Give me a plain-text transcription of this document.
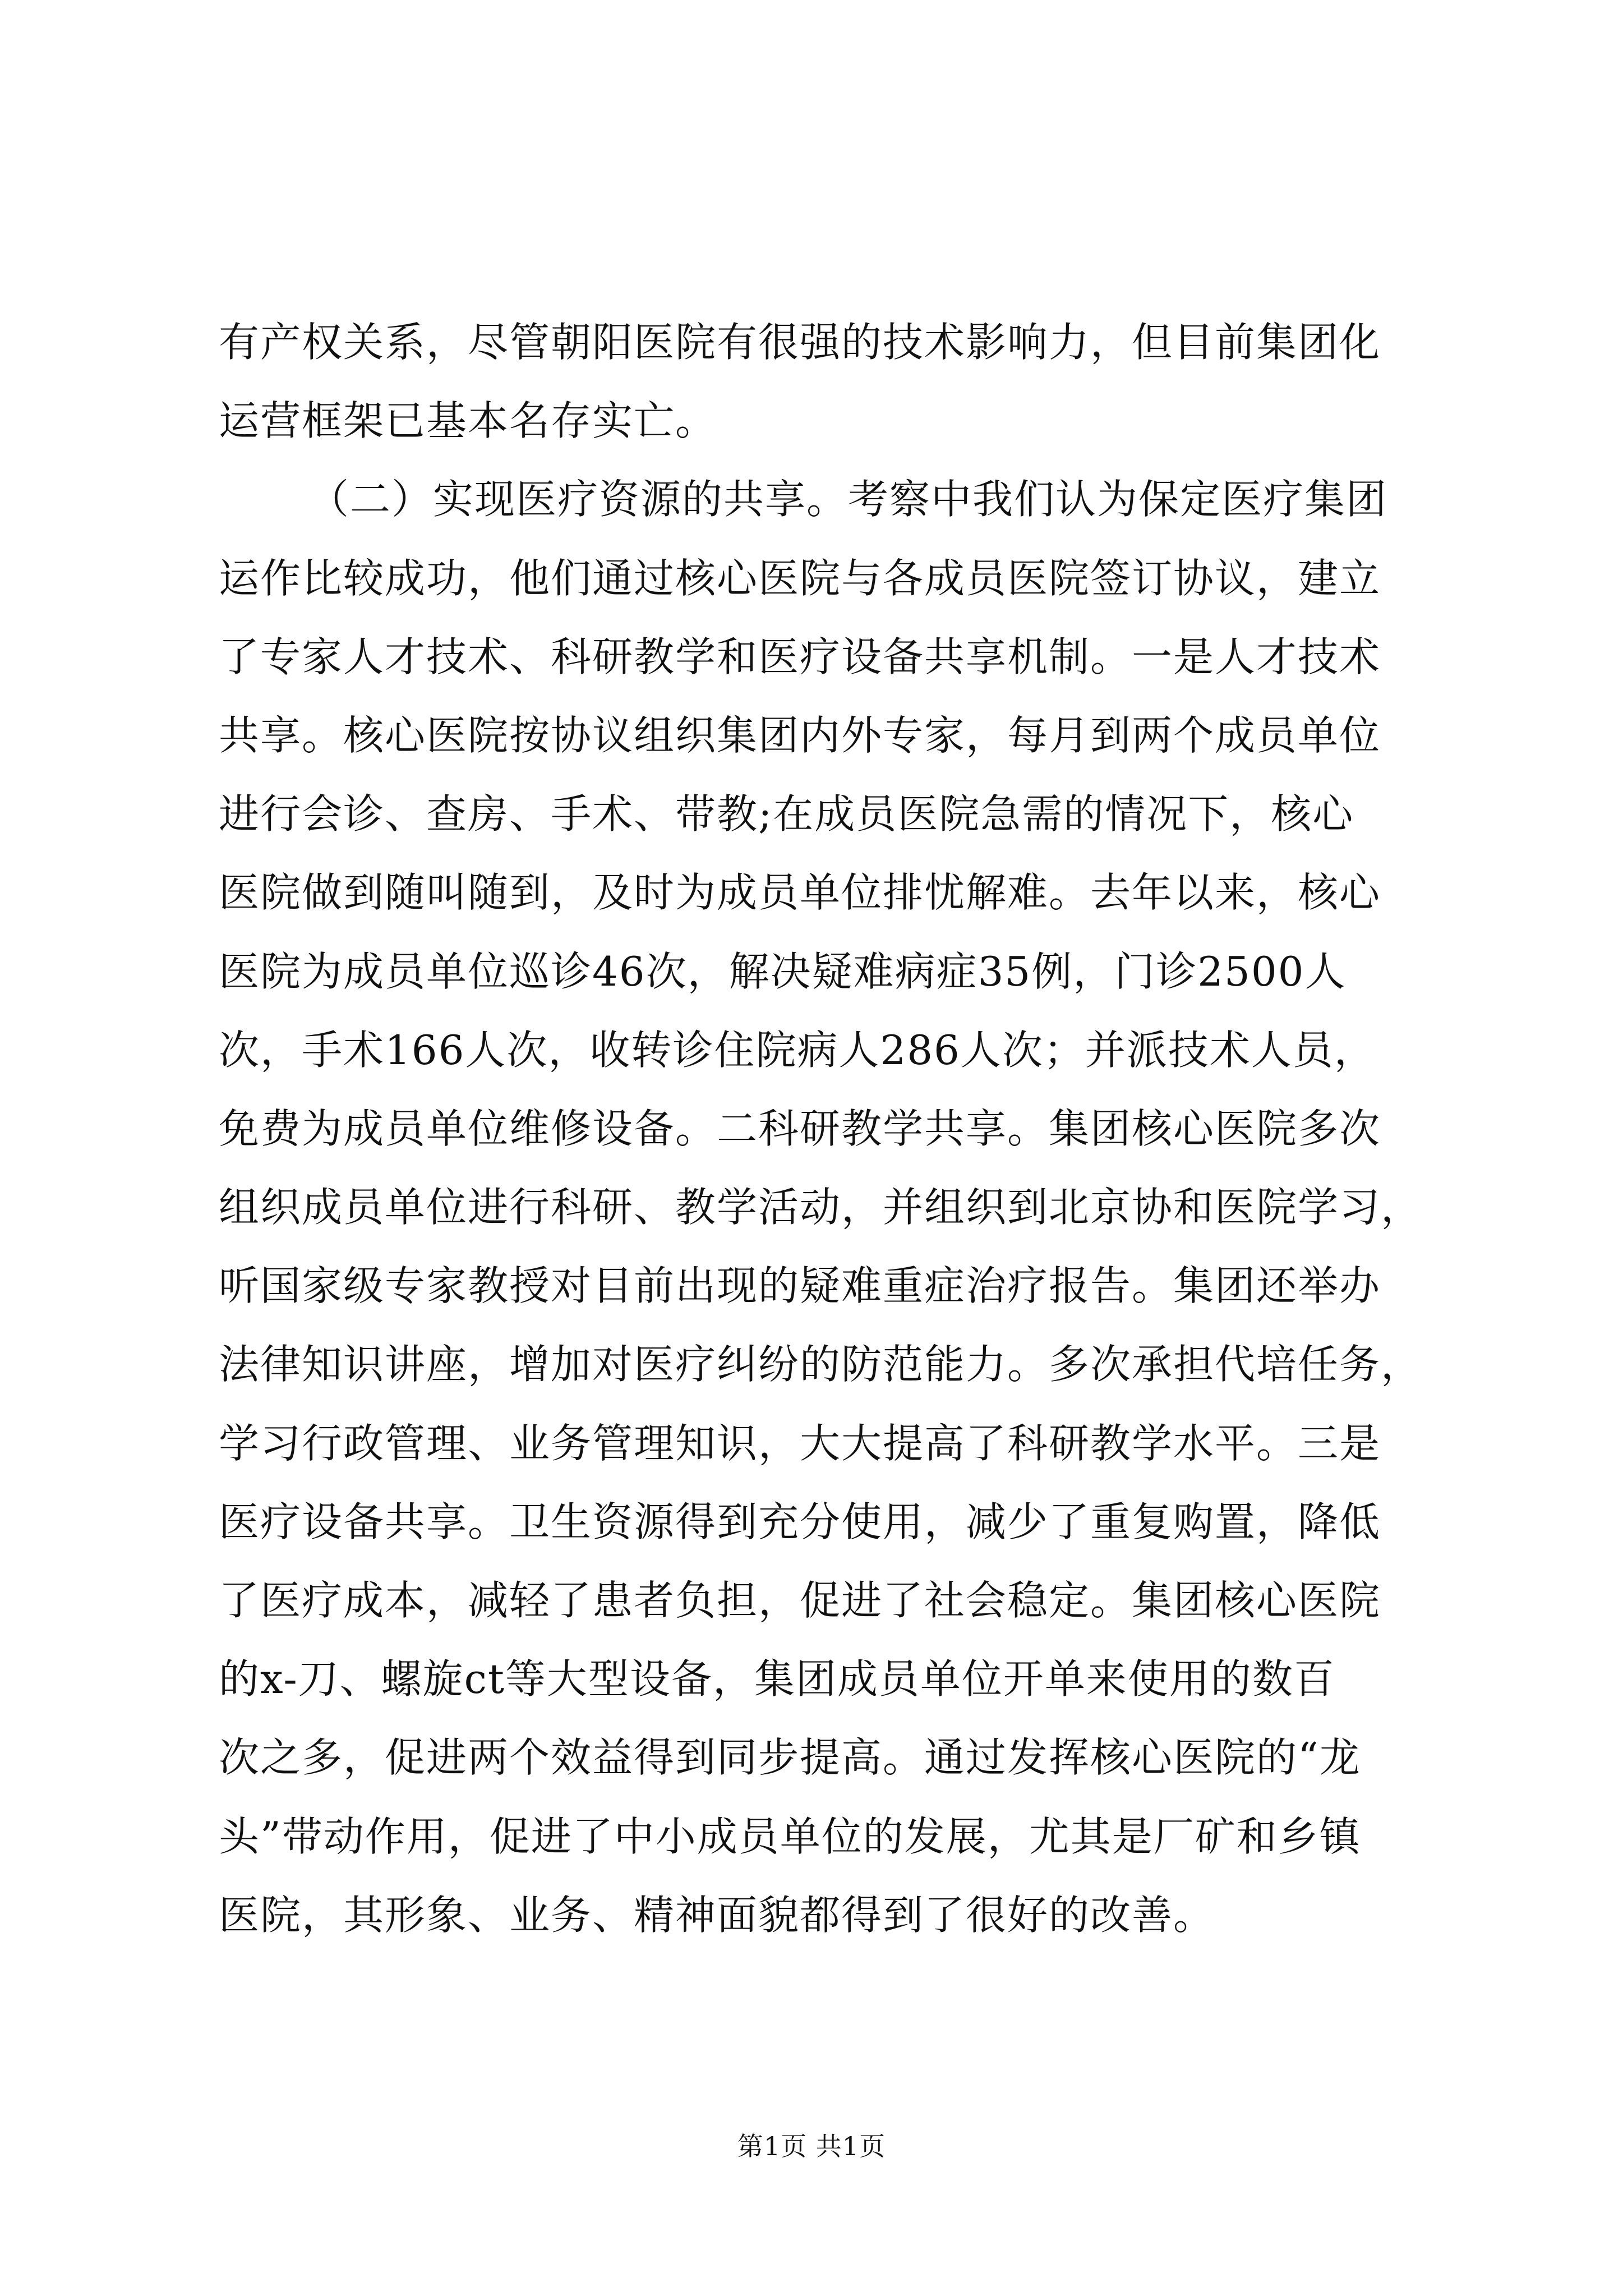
有产权关系，尽管朝阳医院有很强的技术影响力，但目前集团化
运营框架已基本名存实亡。
（二）实现医疗资源的共享。考察中我们认为保定医疗集团
运作比较成功，他们通过核心医院与各成员医院签订协议，建立
了专家人才技术、科研教学和医疗设备共享机制。一是人才技术
共享。核心医院按协议组织集团内外专家，每月到两个成员单位
进行会诊、查房、手术、带教;在成员医院急需的情况下，核心
医院做到随叫随到，及时为成员单位排忧解难。去年以来，核心
医院为成员单位巡诊46次，解决疑难病症35例，门诊2500人
次，手术166人次，收转诊住院病人286人次；并派技术人员，
免费为成员单位维修设备。二科研教学共享。集团核心医院多次
组织成员单位进行科研、教学活动，并组织到北京协和医院学习，
听国家级专家教授对目前出现的疑难重症治疗报告。集团还举办
法律知识讲座，增加对医疗纠纷的防范能力。多次承担代培任务，
学习行政管理、业务管理知识，大大提高了科研教学水平。三是
医疗设备共享。卫生资源得到充分使用，减少了重复购置，降低
了医疗成本，减轻了患者负担，促进了社会稳定。集团核心医院
的x-刀、螺旋ct等大型设备，集团成员单位开单来使用的数百
次之多，促进两个效益得到同步提高。通过发挥核心医院的“龙
头”带动作用，促进了中小成员单位的发展，尤其是厂矿和乡镇
医院，其形象、业务、精神面貌都得到了很好的改善。
第1页 共1页
